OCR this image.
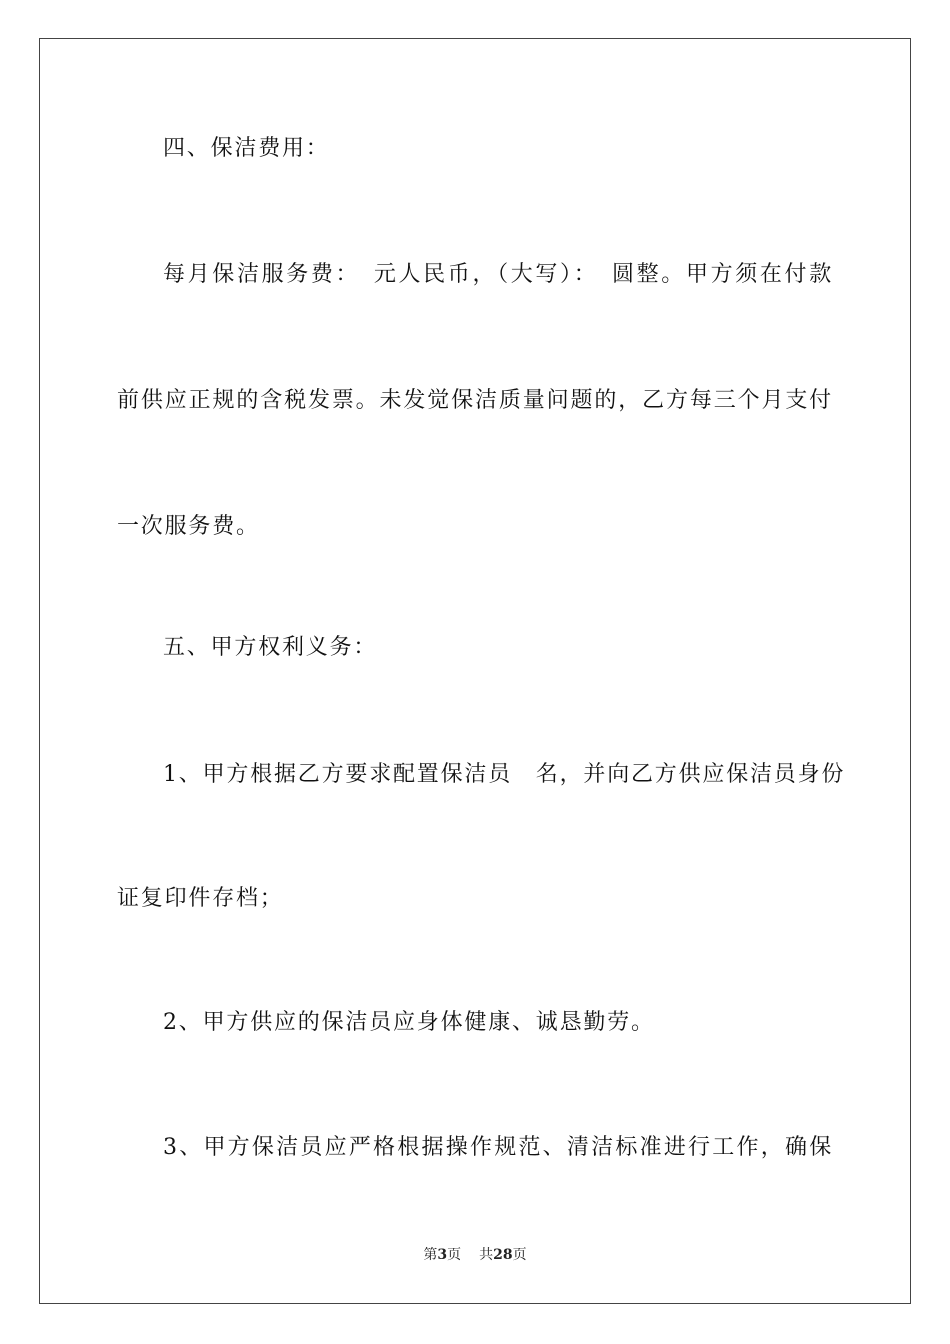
四、保洁费用：
每月保洁服务费：　元人民币，（大写）：　圆整。甲方须在付款
前供应正规的含税发票。未发觉保洁质量问题的，乙方每三个月支付
一次服务费。
五、甲方权利义务：
1、甲方根据乙方要求配置保洁员　名，并向乙方供应保洁员身份
证复印件存档；
2、甲方供应的保洁员应身体健康、诚恳勤劳。
3、甲方保洁员应严格根据操作规范、清洁标准进行工作，确保
第3页 共28页
